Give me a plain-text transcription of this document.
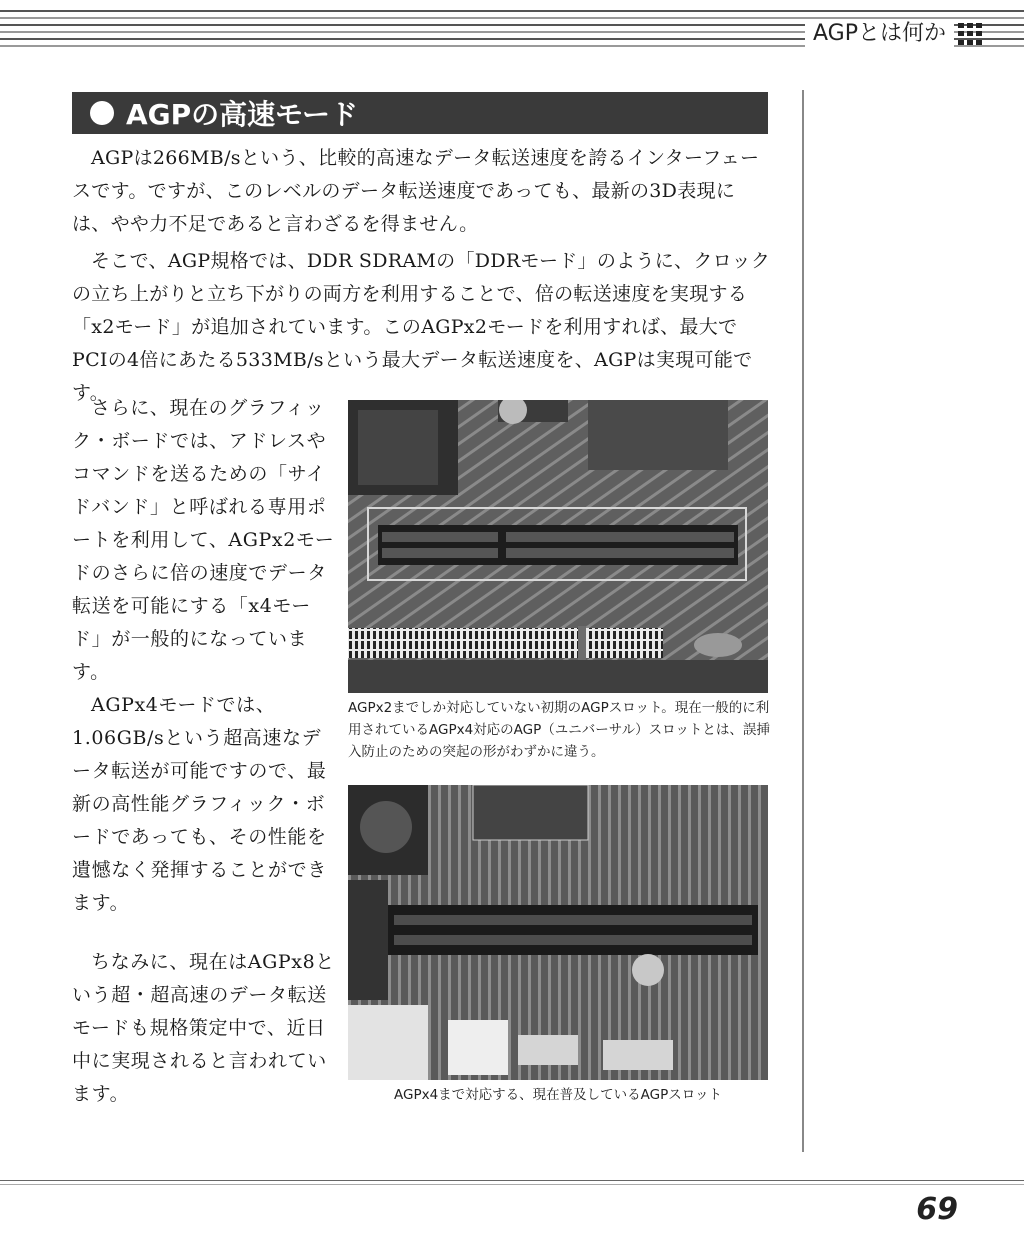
AGPとは何か
AGPの高速モード

AGPは266MB/sという、比較的高速なデータ転送速度を誇るインターフェースです。ですが、このレベルのデータ転送速度であっても、最新の3D表現には、やや力不足であると言わざるを得ません。

そこで、AGP規格では、DDR SDRAMの「DDRモード」のように、クロックの立ち上がりと立ち下がりの両方を利用することで、倍の転送速度を実現する「x2モード」が追加されています。このAGPx2モードを利用すれば、最大でPCIの4倍にあたる533MB/sという最大データ転送速度を、AGPは実現可能です。

さらに、現在のグラフィック・ボードでは、アドレスやコマンドを送るための「サイドバンド」と呼ばれる専用ポートを利用して、AGPx2モードのさらに倍の速度でデータ転送を可能にする「x4モード」が一般的になっています。

AGPx4モードでは、1.06GB/sという超高速なデータ転送が可能ですので、最新の高性能グラフィック・ボードであっても、その性能を遺憾なく発揮することができます。

ちなみに、現在はAGPx8という超・超高速のデータ転送モードも規格策定中で、近日中に実現されると言われています。

AGPx2までしか対応していない初期のAGPスロット。現在一般的に利用されているAGPx4対応のAGP（ユニバーサル）スロットとは、誤挿入防止のための突起の形がわずかに違う。
AGPx4まで対応する、現在普及しているAGPスロット
69
